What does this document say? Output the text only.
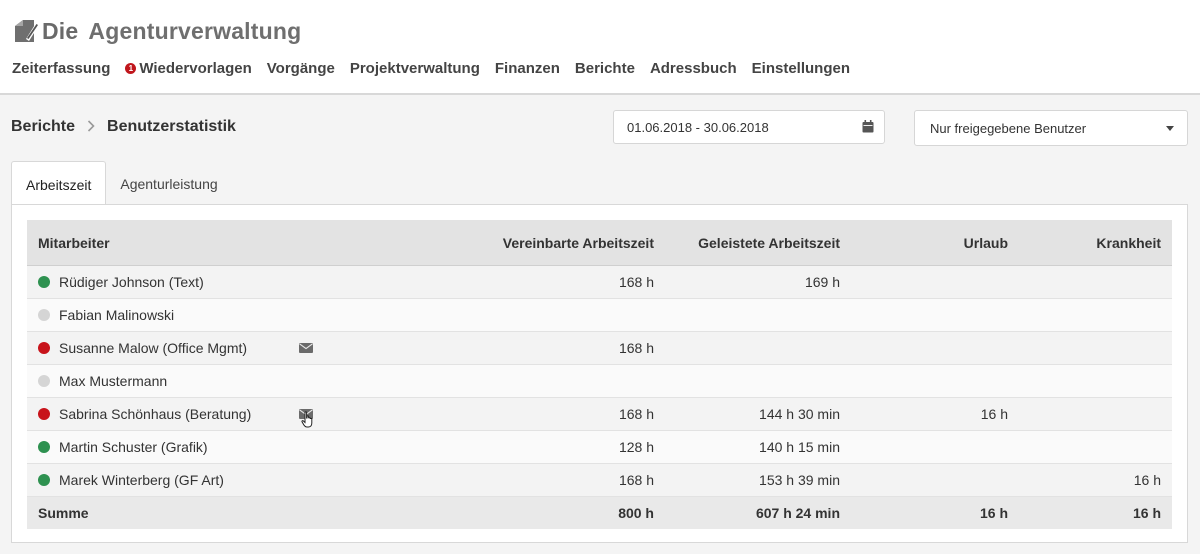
Die Agenturverwaltung
Zeiterfassung	1 Wiedervorlagen Vorgänge Projektverwaltung Finanzen Berichte Adressbuch Einstellungen
Berichte Benutzerstatistik	01.06.2018 - 30.06.2018	Nur freigegebene Benutzer
Arbeitszeit	Agenturleistung
Mitarbeiter		Vereinbarte Arbeitszeit	Geleistete Arbeitszeit	Urlaub	Krankheit
Rüdiger Johnson (Text)		168 h	169 h		
Fabian Malinowski					
Susanne Malow (Office Mgmt)		168 h			
Max Mustermann					
Sabrina Schönhaus (Beratung)		168 h	144 h 30 min	16 h	
Martin Schuster (Grafik)		128 h	140 h 15 min		
Marek Winterberg (GF Art)		168 h	153 h 39 min		16 h
Summe		800 h	607 h 24 min	16 h	16 h
